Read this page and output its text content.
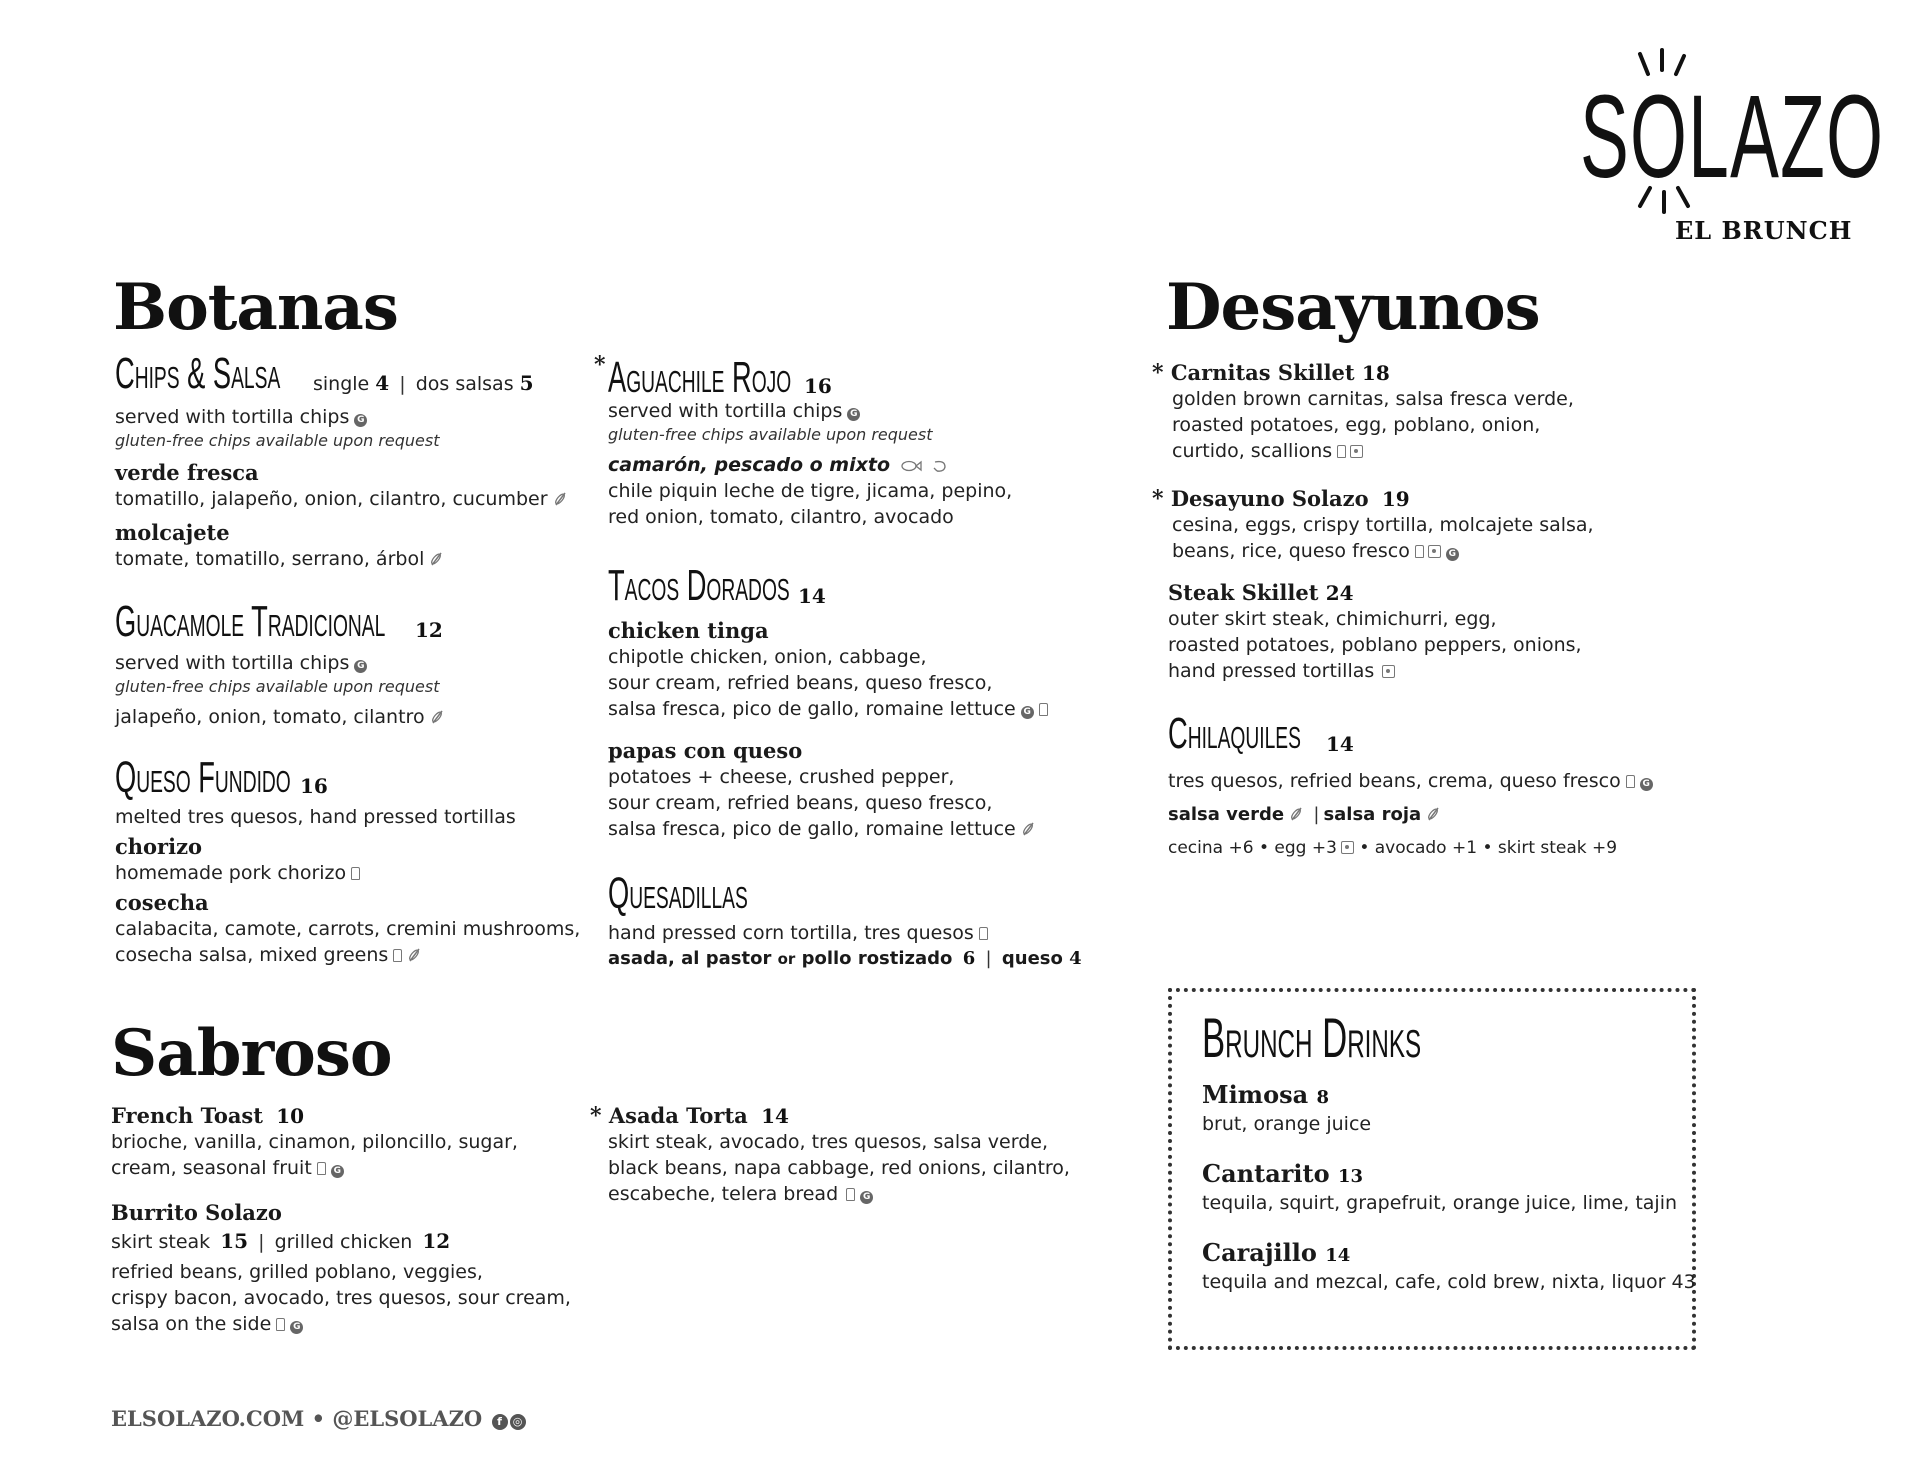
SOLAZO
EL BRUNCH
Botanas
Chips & Salsa single 4 | dos salsas 5
served with tortilla chips G
gluten-free chips available upon request
verde fresca
tomatillo, jalapeño, onion, cilantro, cucumber
molcajete
tomate, tomatillo, serrano, árbol
Guacamole Tradicional 12
served with tortilla chips G
gluten-free chips available upon request
jalapeño, onion, tomato, cilantro
Queso Fundido 16
melted tres quesos, hand pressed tortillas
chorizo
homemade pork chorizo
cosecha
calabacita, camote, carrots, cremini mushrooms,
cosecha salsa, mixed greens
* Aguachile Rojo 16
served with tortilla chips G
gluten-free chips available upon request
camarón, pescado o mixto
chile piquin leche de tigre, jicama, pepino,
red onion, tomato, cilantro, avocado
Tacos Dorados 14
chicken tinga
chipotle chicken, onion, cabbage,
sour cream, refried beans, queso fresco,
salsa fresca, pico de gallo, romaine lettuce G
papas con queso
potatoes + cheese, crushed pepper,
sour cream, refried beans, queso fresco,
salsa fresca, pico de gallo, romaine lettuce
Quesadillas
hand pressed corn tortilla, tres quesos
asada, al pastor or pollo rostizado 6 | queso 4
Desayunos
* Carnitas Skillet 18
golden brown carnitas, salsa fresca verde,
roasted potatoes, egg, poblano, onion,
curtido, scallions
* Desayuno Solazo 19
cesina, eggs, crispy tortilla, molcajete salsa,
beans, rice, queso fresco	G
Steak Skillet 24
outer skirt steak, chimichurri, egg,
roasted potatoes, poblano peppers, onions,
hand pressed tortillas
Chilaquiles 14
tres quesos, refried beans, crema, queso fresco G
salsa verde | salsa roja
cecina +6 • egg +3 • avocado +1 • skirt steak +9
Sabroso
French Toast 10
brioche, vanilla, cinamon, piloncillo, sugar,
cream, seasonal fruit G
Burrito Solazo
skirt steak 15 | grilled chicken 12
refried beans, grilled poblano, veggies,
crispy bacon, avocado, tres quesos, sour cream,
salsa on the side G
* Asada Torta 14
skirt steak, avocado, tres quesos, salsa verde,
black beans, napa cabbage, red onions, cilantro,
escabeche, telera bread	G
Brunch Drinks
Mimosa 8
brut, orange juice
Cantarito 13
tequila, squirt, grapefruit, orange juice, lime, tajin
Carajillo 14
tequila and mezcal, cafe, cold brew, nixta, liquor 43
ELSOLAZO.COM • @ELSOLAZO f ◎
